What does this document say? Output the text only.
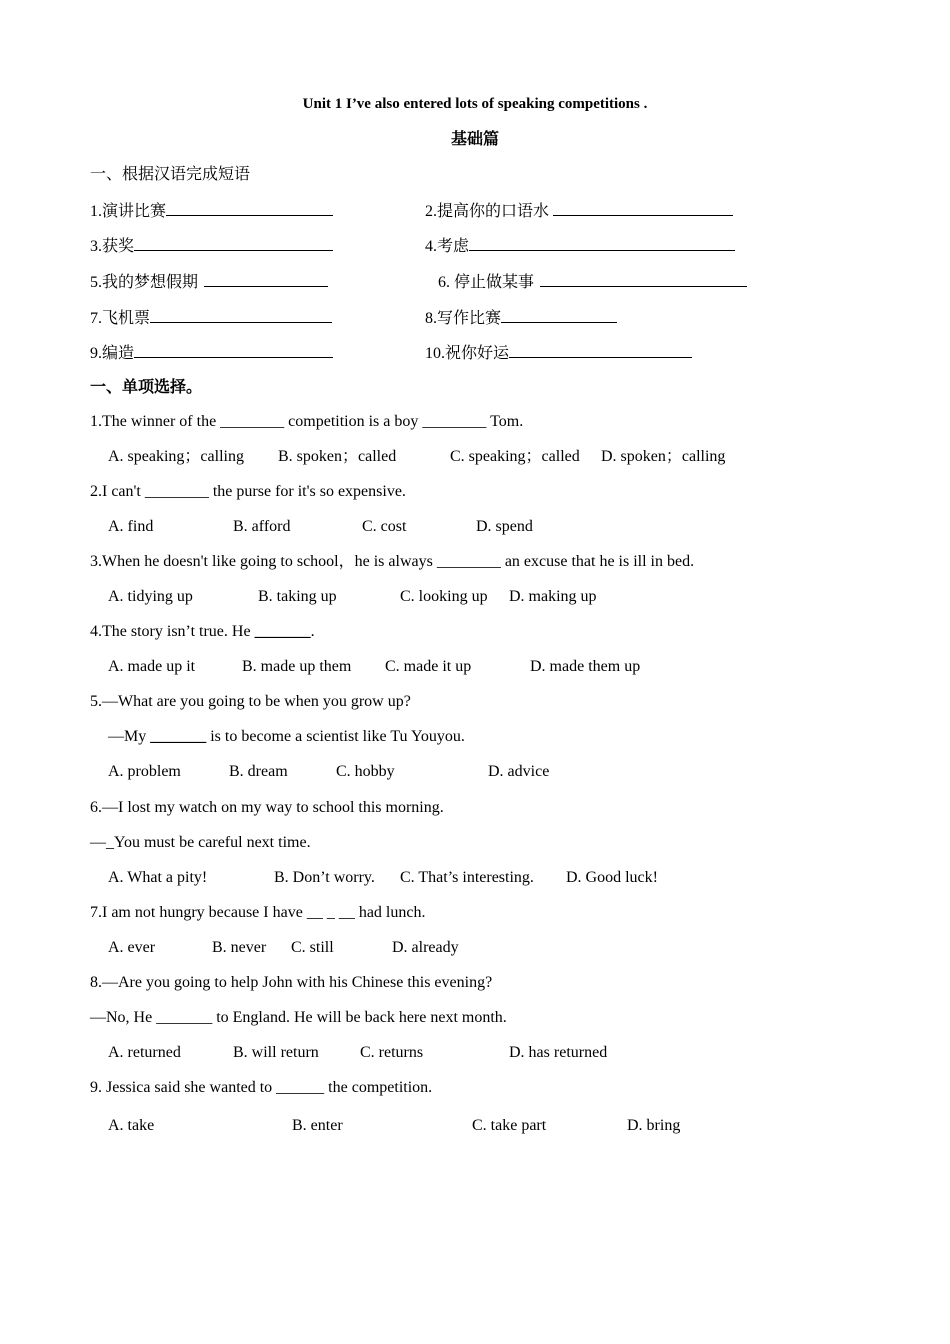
Unit 1 I’ve also entered lots of speaking competitions .
基础篇
一、根据汉语完成短语
1.演讲比赛	2.提高你的口语水
3.获奖	4.考虑
5.我的梦想假期	6. 停止做某事
7.飞机票	8.写作比赛
9.编造	10.祝你好运
一、单项选择。
1.The winner of the ________ competition is a boy ________ Tom.
A. speaking；calling B. spoken；called	C. speaking；called D. spoken；calling
2.I can't ________ the purse for it's so expensive.
A. find	B. afford	C. cost	D. spend
3.When he doesn't like going to school，he is always ________ an excuse that he is ill in bed.
A. tidying up	B. taking up	C. looking up D. making up
4.The story isn’t true. He _______.
A. made up it	B. made up them C. made it up	D. made them up
5.—What are you going to be when you grow up?
—My _______ is to become a scientist like Tu Youyou.
A. problem	B. dream	C. hobby	D. advice
6.—I lost my watch on my way to school this morning.
—_You must be careful next time.
A. What a pity!	B. Don’t worry. C. That’s interesting. D. Good luck!
7.I am not hungry because I have __ _ __ had lunch.
A. ever	B. never C. still	D. already
8.—Are you going to help John with his Chinese this evening?
—No, He _______ to England. He will be back here next month.
A. returned	B. will return	C. returns	D. has returned
9. Jessica said she wanted to ______ the competition.
A. take	B. enter	C. take part	D. bring
